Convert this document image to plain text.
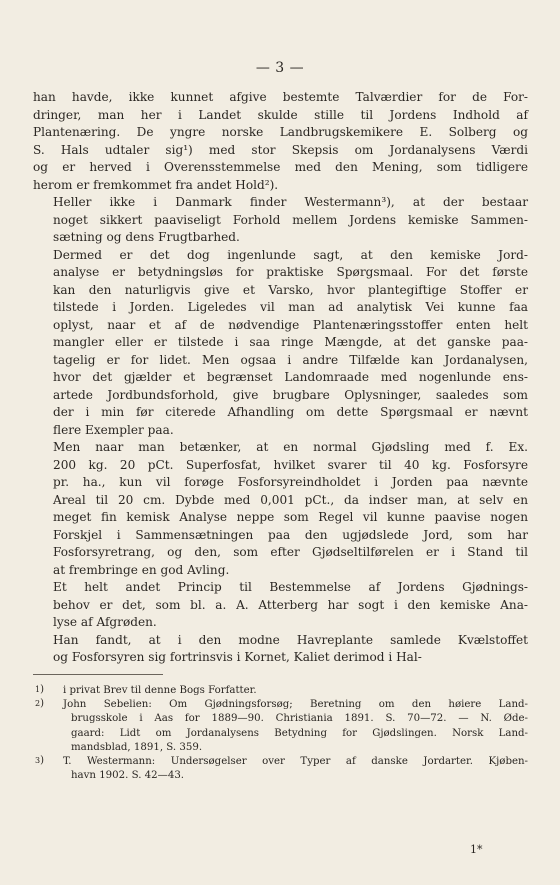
— 3 —

han havde, ikke kunnet afgive bestemte Talværdier for de For-
dringer, man her i Landet skulde stille til Jordens Indhold af
Plantenæring. De yngre norske Landbrugskemikere E. Solberg og
S. Hals udtaler sig¹) med stor Skepsis om Jordanalysens Værdi
og er herved i Overensstemmelse med den Mening, som tidligere
herom er fremkommet fra andet Hold²).

Heller ikke i Danmark finder Westermann³), at der bestaar
noget sikkert paaviseligt Forhold mellem Jordens kemiske Sammen-
sætning og dens Frugtbarhed.

Dermed er det dog ingenlunde sagt, at den kemiske Jord-
analyse er betydningsløs for praktiske Spørgsmaal. For det første
kan den naturligvis give et Varsko, hvor plantegiftige Stoffer er
tilstede i Jorden. Ligeledes vil man ad analytisk Vei kunne faa
oplyst, naar et af de nødvendige Plantenæringsstoffer enten helt
mangler eller er tilstede i saa ringe Mængde, at det ganske paa-
tagelig er for lidet. Men ogsaa i andre Tilfælde kan Jordanalysen,
hvor det gjælder et begrænset Landomraade med nogenlunde ens-
artede Jordbundsforhold, give brugbare Oplysninger, saaledes som
der i min før citerede Afhandling om dette Spørgsmaal er nævnt
flere Exempler paa.

Men naar man betænker, at en normal Gjødsling med f. Ex.
200 kg. 20 pCt. Superfosfat, hvilket svarer til 40 kg. Fosforsyre
pr. ha., kun vil forøge Fosforsyreindholdet i Jorden paa nævnte
Areal til 20 cm. Dybde med 0,001 pCt., da indser man, at selv en
meget fin kemisk Analyse neppe som Regel vil kunne paavise nogen
Forskjel i Sammensætningen paa den ugjødslede Jord, som har
Fosforsyretrang, og den, som efter Gjødseltilførelen er i Stand til
at frembringe en god Avling.

Et helt andet Princip til Bestemmelse af Jordens Gjødnings-
behov er det, som bl. a. A. Atterberg har sogt i den kemiske Ana-
lyse af Afgrøden.

Han fandt, at i den modne Havreplante samlede Kvælstoffet
og Fosforsyren sig fortrinsvis i Kornet, Kaliet derimod i Hal-

1 )	i privat Brev til denne Bogs Forfatter.
2 )	John Sebelien: Om Gjødningsforsøg; Beretning om den høiere Land-
brugsskole i Aas for 1889—90. Christiania 1891. S. 70—72. — N. Øde-
gaard: Lidt om Jordanalysens Betydning for Gjødslingen. Norsk Land-
mandsblad, 1891, S. 359.
3 )	T. Westermann: Undersøgelser over Typer af danske Jordarter. Kjøben-
havn 1902. S. 42—43.
1*
